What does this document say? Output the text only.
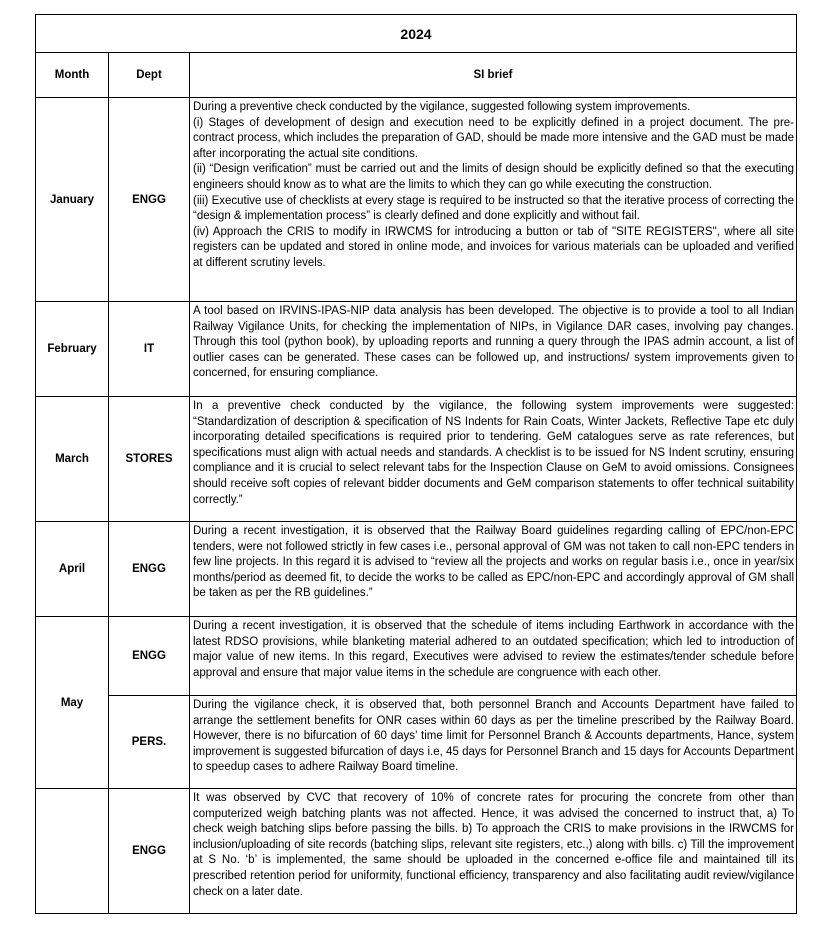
2024		
Month	Dept	SI brief
January	ENGG	During a preventive check conducted by the vigilance, suggested following system improvements.
(i) Stages of development of design and execution need to be explicitly defined in a project document. The pre-contract process, which includes the preparation of GAD, should be made more intensive and the GAD must be made after incorporating the actual site conditions.
(ii) “Design verification” must be carried out and the limits of design should be explicitly defined so that the executing engineers should know as to what are the limits to which they can go while executing the construction.
(iii) Executive use of checklists at every stage is required to be instructed so that the iterative process of correcting the “design & implementation process” is clearly defined and done explicitly and without fail.
(iv) Approach the CRIS to modify in IRWCMS for introducing a button or tab of "SITE REGISTERS", where all site registers can be updated and stored in online mode, and invoices for various materials can be uploaded and verified at different scrutiny levels.
February	IT	A tool based on IRVINS-IPAS-NIP data analysis has been developed. The objective is to provide a tool to all Indian Railway Vigilance Units, for checking the implementation of NIPs, in Vigilance DAR cases, involving pay changes. Through this tool (python book), by uploading reports and running a query through the IPAS admin account, a list of outlier cases can be generated. These cases can be followed up, and instructions/ system improvements given to concerned, for ensuring compliance.
March	STORES	In a preventive check conducted by the vigilance, the following system improvements were suggested: “Standardization of description & specification of NS Indents for Rain Coats, Winter Jackets, Reflective Tape etc duly incorporating detailed specifications is required prior to tendering. GeM catalogues serve as rate references, but specifications must align with actual needs and standards. A checklist is to be issued for NS Indent scrutiny, ensuring compliance and it is crucial to select relevant tabs for the Inspection Clause on GeM to avoid omissions. Consignees should receive soft copies of relevant bidder documents and GeM comparison statements to offer technical suitability correctly.”
April	ENGG	During a recent investigation, it is observed that the Railway Board guidelines regarding calling of EPC/non-EPC tenders, were not followed strictly in few cases i.e., personal approval of GM was not taken to call non-EPC tenders in few line projects. In this regard it is advised to “review all the projects and works on regular basis i.e., once in year/six months/period as deemed fit, to decide the works to be called as EPC/non-EPC and accordingly approval of GM shall be taken as per the RB guidelines.”
May	ENGG	During a recent investigation, it is observed that the schedule of items including Earthwork in accordance with the latest RDSO provisions, while blanketing material adhered to an outdated specification; which led to introduction of major value of new items. In this regard, Executives were advised to review the estimates/tender schedule before approval and ensure that major value items in the schedule are congruence with each other.
	PERS.	During the vigilance check, it is observed that, both personnel Branch and Accounts Department have failed to arrange the settlement benefits for ONR cases within 60 days as per the timeline prescribed by the Railway Board. However, there is no bifurcation of 60 days’ time limit for Personnel Branch & Accounts departments, Hance, system improvement is suggested bifurcation of days i.e, 45 days for Personnel Branch and 15 days for Accounts Department to speedup cases to adhere Railway Board timeline.
	ENGG	It was observed by CVC that recovery of 10% of concrete rates for procuring the concrete from other than computerized weigh batching plants was not affected. Hence, it was advised the concerned to instruct that, a) To check weigh batching slips before passing the bills. b) To approach the CRIS to make provisions in the IRWCMS for inclusion/uploading of site records (batching slips, relevant site registers, etc.,) along with bills. c) Till the improvement at S No. ‘b’ is implemented, the same should be uploaded in the concerned e-office file and maintained till its prescribed retention period for uniformity, functional efficiency, transparency and also facilitating audit review/vigilance check on a later date.
